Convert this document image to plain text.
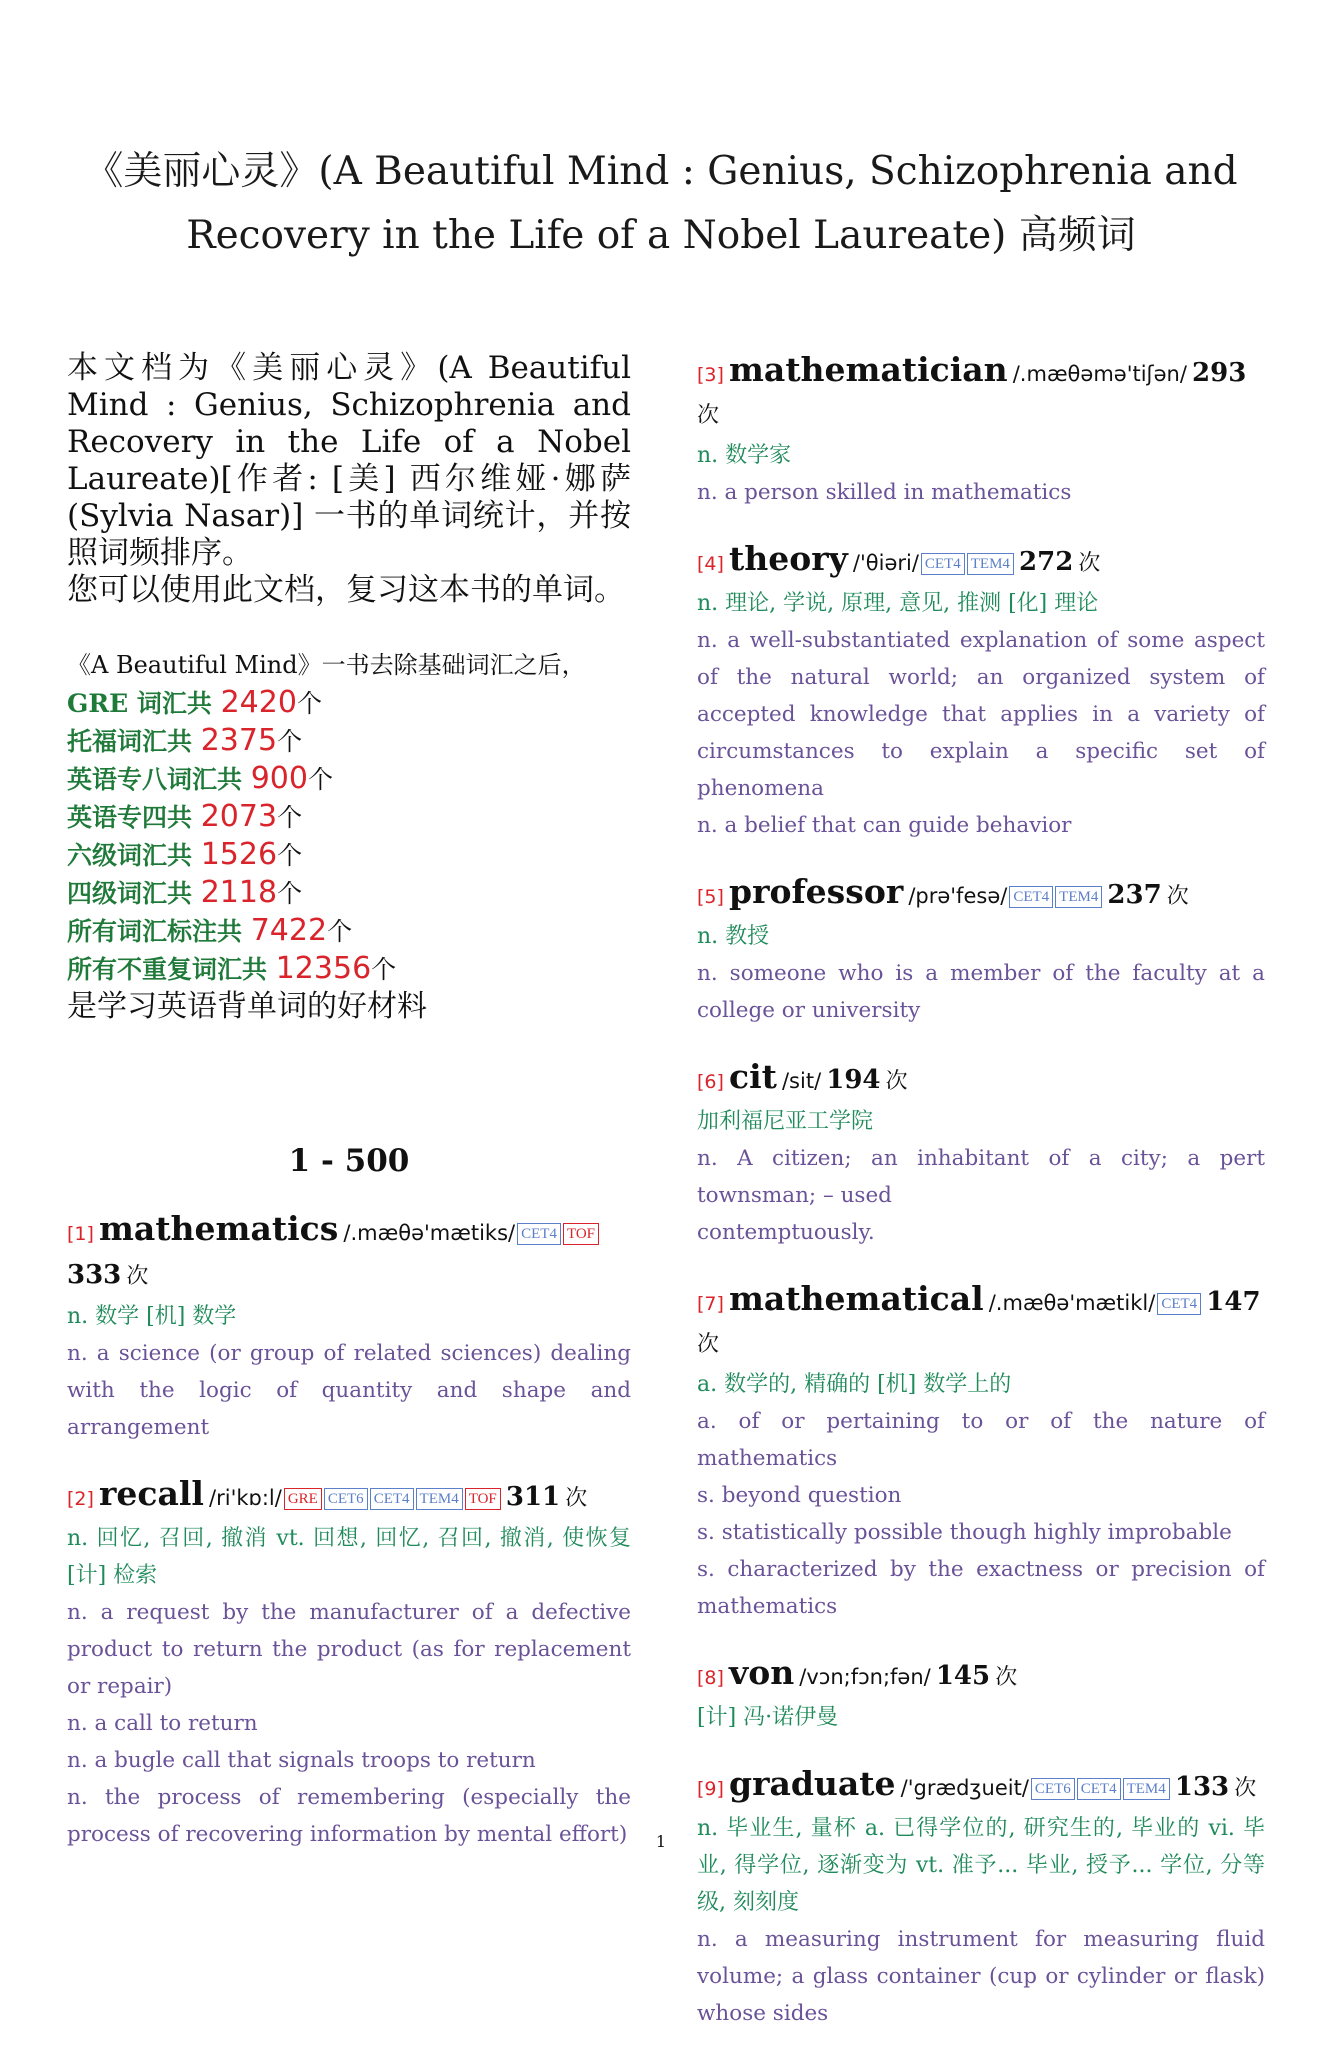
《美丽心灵》(A Beautiful Mind : Genius, Schizophrenia and Recovery in the Life of a Nobel Laureate) 高频词
本文档为《美丽心灵》(A Beautiful Mind : Genius, Schizophrenia and Recovery in the Life of a Nobel Laureate)[作者: [美] 西尔维娅·娜萨 (Sylvia Nasar)] 一书的单词统计，并按照词频排序。
您可以使用此文档，复习这本书的单词。
《A Beautiful Mind》一书去除基础词汇之后，
GRE 词汇共 2420个
托福词汇共 2375个
英语专八词汇共 900个
英语专四共 2073个
六级词汇共 1526个
四级词汇共 2118个
所有词汇标注共 7422个
所有不重复词汇共 12356个
是学习英语背单词的好材料
1 - 500
[1] mathematics /.mæθə'mætiks/ CET4 TOF 333 次
n. 数学 [机] 数学
n. a science (or group of related sciences) dealing with the logic of quantity and shape and arrangement
[2] recall /ri'kɒ:l/ GRE CET6 CET4 TEM4 TOF 311 次
n. 回忆, 召回, 撤消 vt. 回想, 回忆, 召回, 撤消, 使恢复 [计] 检索
n. a request by the manufacturer of a defective product to return the product (as for replacement or repair)
n. a call to return
n. a bugle call that signals troops to return
n. the process of remembering (especially the process of recovering information by mental effort)
[3] mathematician /.mæθəmə'tiʃən/ 293 次
n. 数学家
n. a person skilled in mathematics
[4] theory /'θiəri/ CET4 TEM4 272 次
n. 理论, 学说, 原理, 意见, 推测 [化] 理论
n. a well-substantiated explanation of some aspect of the natural world; an organized system of accepted knowledge that applies in a variety of circumstances to explain a specific set of phenomena
n. a belief that can guide behavior
[5] professor /prə'fesə/ CET4 TEM4 237 次
n. 教授
n. someone who is a member of the faculty at a college or university
[6] cit /sit/ 194 次
加利福尼亚工学院
n. A citizen; an inhabitant of a city; a pert townsman; – used
contemptuously.
[7] mathematical /.mæθə'mætikl/ CET4 147 次
a. 数学的, 精确的 [机] 数学上的
a. of or pertaining to or of the nature of mathematics
s. beyond question
s. statistically possible though highly improbable
s. characterized by the exactness or precision of mathematics
[8] von /vɔn;fɔn;fən/ 145 次
[计] 冯·诺伊曼
[9] graduate /'grædʒueit/ CET6 CET4 TEM4 133 次
n. 毕业生, 量杯 a. 已得学位的, 研究生的, 毕业的 vi. 毕业, 得学位, 逐渐变为 vt. 准予... 毕业, 授予... 学位, 分等级, 刻刻度
n. a measuring instrument for measuring fluid volume; a glass container (cup or cylinder or flask) whose sides
1
